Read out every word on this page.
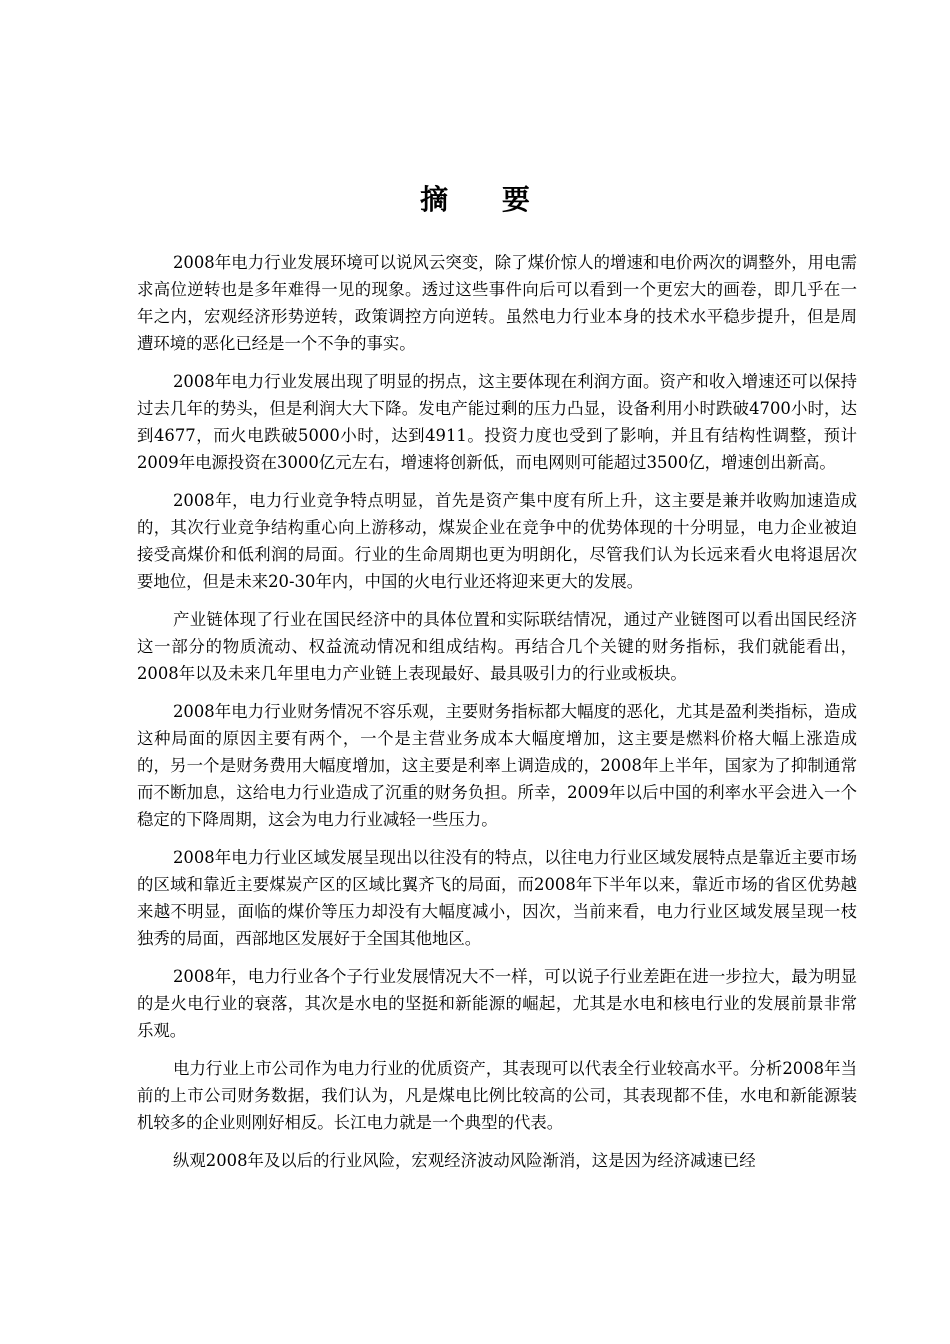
摘 要

2008年电力行业发展环境可以说风云突变，除了煤价惊人的增速和电价两次的调整外，用电需求高位逆转也是多年难得一见的现象。透过这些事件向后可以看到一个更宏大的画卷，即几乎在一年之内，宏观经济形势逆转，政策调控方向逆转。虽然电力行业本身的技术水平稳步提升，但是周遭环境的恶化已经是一个不争的事实。

2008年电力行业发展出现了明显的拐点，这主要体现在利润方面。资产和收入增速还可以保持过去几年的势头，但是利润大大下降。发电产能过剩的压力凸显，设备利用小时跌破4700小时，达到4677，而火电跌破5000小时，达到4911。投资力度也受到了影响，并且有结构性调整，预计2009年电源投资在3000亿元左右，增速将创新低，而电网则可能超过3500亿，增速创出新高。

2008年，电力行业竞争特点明显，首先是资产集中度有所上升，这主要是兼并收购加速造成的，其次行业竞争结构重心向上游移动，煤炭企业在竞争中的优势体现的十分明显，电力企业被迫接受高煤价和低利润的局面。行业的生命周期也更为明朗化，尽管我们认为长远来看火电将退居次要地位，但是未来20-30年内，中国的火电行业还将迎来更大的发展。

产业链体现了行业在国民经济中的具体位置和实际联结情况，通过产业链图可以看出国民经济这一部分的物质流动、权益流动情况和组成结构。再结合几个关键的财务指标，我们就能看出，2008年以及未来几年里电力产业链上表现最好、最具吸引力的行业或板块。

2008年电力行业财务情况不容乐观，主要财务指标都大幅度的恶化，尤其是盈利类指标，造成这种局面的原因主要有两个，一个是主营业务成本大幅度增加，这主要是燃料价格大幅上涨造成的，另一个是财务费用大幅度增加，这主要是利率上调造成的，2008年上半年，国家为了抑制通常而不断加息，这给电力行业造成了沉重的财务负担。所幸，2009年以后中国的利率水平会进入一个稳定的下降周期，这会为电力行业减轻一些压力。

2008年电力行业区域发展呈现出以往没有的特点，以往电力行业区域发展特点是靠近主要市场的区域和靠近主要煤炭产区的区域比翼齐飞的局面，而2008年下半年以来，靠近市场的省区优势越来越不明显，面临的煤价等压力却没有大幅度减小，因次，当前来看，电力行业区域发展呈现一枝独秀的局面，西部地区发展好于全国其他地区。

2008年，电力行业各个子行业发展情况大不一样，可以说子行业差距在进一步拉大，最为明显的是火电行业的衰落，其次是水电的坚挺和新能源的崛起，尤其是水电和核电行业的发展前景非常乐观。

电力行业上市公司作为电力行业的优质资产，其表现可以代表全行业较高水平。分析2008年当前的上市公司财务数据，我们认为，凡是煤电比例比较高的公司，其表现都不佳，水电和新能源装机较多的企业则刚好相反。长江电力就是一个典型的代表。

纵观2008年及以后的行业风险，宏观经济波动风险渐消，这是因为经济减速已经
